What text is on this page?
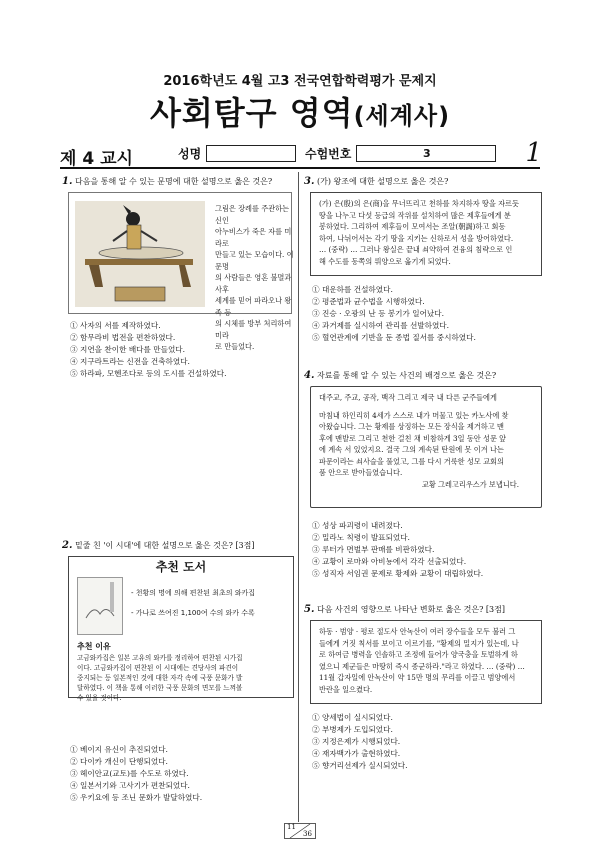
2016학년도 4월 고3 전국연합학력평가 문제지
사회탐구 영역(세계사)
제 4 교시	성명	수험번호	3	1
1. 다음을 통해 알 수 있는 문명에 대한 설명으로 옳은 것은?

그림은 장례를 주관하는 신인

아누비스가 죽은 자를 미라로

만들고 있는 모습이다. 이 문명

의 사람들은 영혼 불멸과 사후

세계를 믿어 파라오나 왕족 등

의 시체를 방부 처리하여 미라

로 만들었다.

① 사자의 서를 제작하였다.
② 함무라비 법전을 편찬하였다.
③ 지연을 찬이한 배다를 만들었다.
④ 지구라트라는 신전을 건축하였다.
⑤ 하라파, 모헨조다로 등의 도시를 건설하였다.
2. 밑줄 친 '이 시대'에 대한 설명으로 옳은 것은? [3점]
추천 도서
- 천황의 명에 의해 편찬된 최초의 와카집
- 가나로 쓰여진 1,100여 수의 와카 수록
추천 이유

고금와카집은 일본 고유의 와카를 정리하여 편찬된 시가집

이다. 고금와카집이 편찬된 이 시대에는 견당사의 파견이

중지되는 등 일본적인 것에 대한 자각 속에 국풍 문화가 발

달하였다. 이 책을 통해 이러한 국풍 문화의 면모를 느껴볼

수 있을 것이다.

① 베이지 유신이 추진되었다.
② 다이카 개신이 단행되었다.
③ 헤이안교(교토)를 수도로 하였다.
④ 일본서기와 고사기가 편찬되었다.
⑤ 우키요에 등 조닌 문화가 발달하였다.
3. (가) 왕조에 대한 설명으로 옳은 것은?

(가) 은(殷)의 은(商)을 무너뜨리고 천하를 차지하자 땅을 자르듯

땅을 나누고 다섯 등급의 작위를 설치하여 많은 제후들에게 분

봉하였다. 그리하여 제후들이 모여서는 조알(朝謁)하고 회동

하여, 나뉘어서는 각기 땅을 지키는 신하로서 성을 방어하였다.

… (중략) … 그러나 왕실은 끝내 쇠약하여 견융의 침략으로 인

해 수도를 동쪽의 뤄양으로 옮기게 되었다.

① 대운하를 건설하였다.
② 평준법과 균수법을 시행하였다.
③ 진승 · 오광의 난 등 봉기가 일어났다.
④ 과거제를 실시하여 관리를 선발하였다.
⑤ 혈연관계에 기반을 둔 종법 질서를 중시하였다.
4. 자료를 통해 알 수 있는 사건의 배경으로 옳은 것은?

대주교, 주교, 공작, 백작 그리고 제국 내 다른 군주들에게

마침내 하인리히 4세가 스스로 내가 머물고 있는 카노사에 찾

아왔습니다. 그는 황제를 상징하는 모든 장식을 제거하고 맨

후에 맨발로 그리고 천한 걸친 채 비참하게 3일 동안 성문 앞

에 계속 서 있었지요. 결국 그의 계속된 탄원에 못 이겨 나는

파문이라는 쇠사슬을 풀었고, 그를 다시 거룩한 성모 교회의

품 안으로 받아들였습니다.

교황 그레고리우스가 보냅니다.

① 성상 파괴령이 내려졌다.
② 밀라노 칙령이 발표되었다.
③ 루터가 면벌부 판매를 비판하였다.
④ 교황이 로마와 아비뇽에서 각각 선출되었다.
⑤ 성직자 서임권 문제로 황제와 교황이 대립하였다.
5. 다음 사건의 영향으로 나타난 변화로 옳은 것은? [3점]

하동 · 범양 · 평로 절도사 안녹산이 여러 장수들을 모두 불러 그

들에게 거짓 칙서를 보이고 이르기를, "황제의 밀지가 있는데, 나

로 하여금 병력을 인솔하고 조정에 들어가 양국충을 토벌하게 하

였으니 제군들은 마땅히 즉시 종군하라."라고 하였다. … (중략) …

11월 갑자일에 안녹산이 약 15만 명의 무리를 이끌고 범양에서

반란을 일으켰다.

① 양세법이 실시되었다.
② 부병제가 도입되었다.
③ 지정은제가 시행되었다.
④ 재자백가가 출현하였다.
⑤ 향거리선제가 실시되었다.
11
36
